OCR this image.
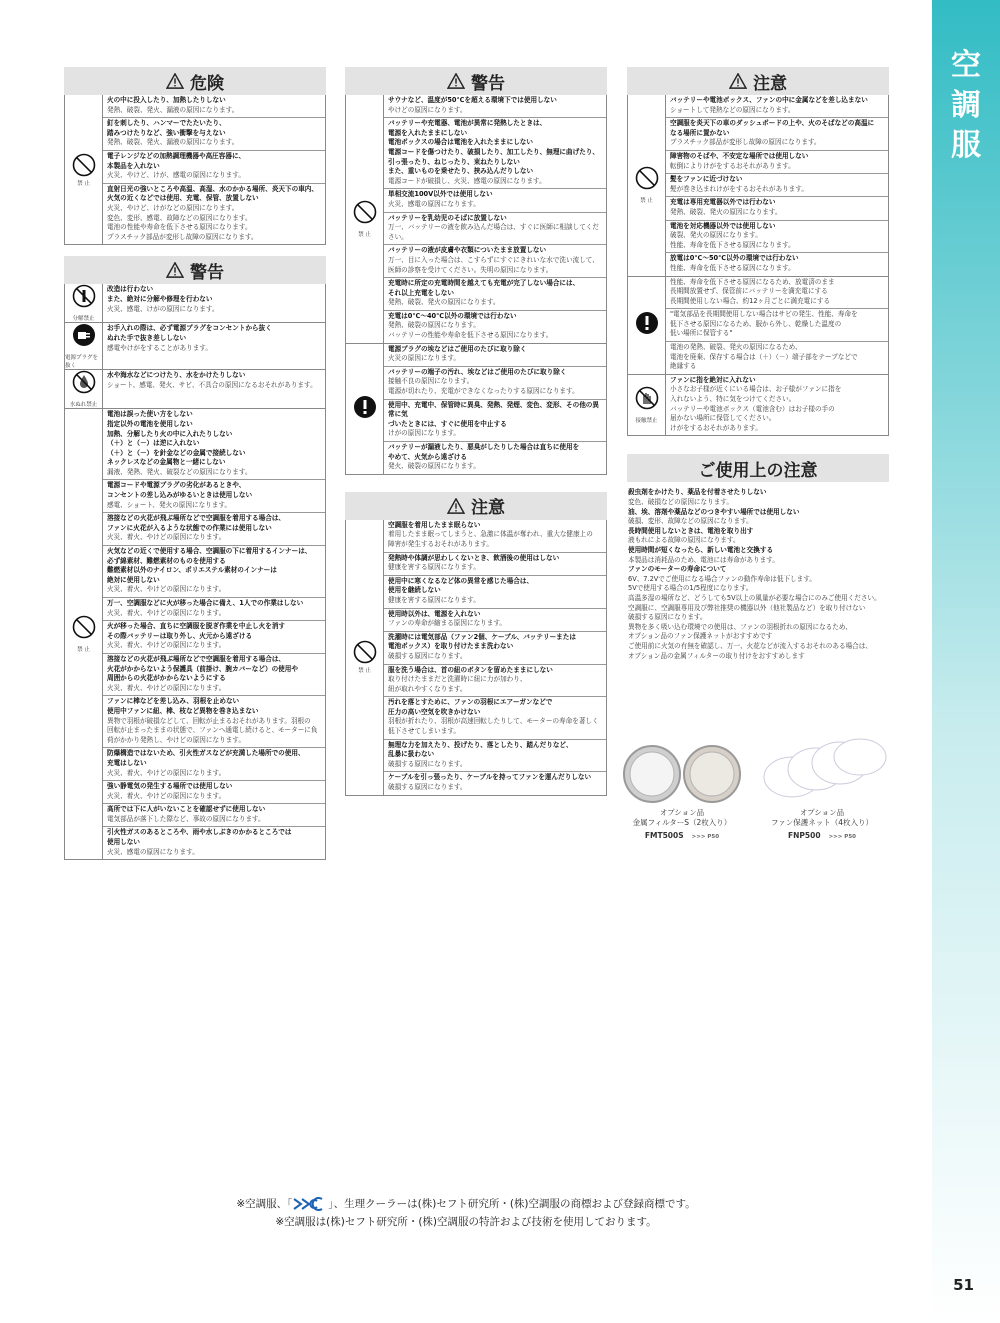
空調服
51
危険
禁 止
火の中に投入したり、加熱したりしない
発熱、破裂、発火、漏液の原因になります。
釘を刺したり、ハンマーでたたいたり、
踏みつけたりなど、強い衝撃を与えない
発熱、破裂、発火、漏液の原因になります。
電子レンジなどの加熱調理機器や高圧容器に、
本製品を入れない
火災、やけど、けが、感電の原因になります。
直射日光の強いところや高温、高湿、水のかかる場所、炎天下の車内、
火気の近くなどでは使用、充電、保管、放置しない
火災、やけど、けがなどの原因になります。
変色、変形、感電、故障などの原因になります。
電池の性能や寿命を低下させる原因になります。
プラスチック部品が変形し故障の原因になります。
警告
分解禁止
改造は行わない
また、絶対に分解や修理を行わない
火災、感電、けがの原因になります。
電源プラグを抜く
お手入れの際は、必ず電源プラグをコンセントから抜く
ぬれた手で抜き差ししない
感電やけがをすることがあります。
水ぬれ禁止
水や海水などにつけたり、水をかけたりしない
ショート、感電、発火、サビ、不具合の原因になるおそれがあります。
禁 止
電池は誤った使い方をしない
指定以外の電池を使用しない
加熱、分解したり火の中に入れたりしない
（＋）と（－）は逆に入れない
（＋）と（－）を針金などの金属で接続しない
ネックレスなどの金属物と一緒にしない
漏液、発熱、発火、破裂などの原因になります。
電源コードや電源プラグの劣化があるときや、
コンセントの差し込みがゆるいときは使用しない
感電、ショート、発火の原因になります。
溶接などの火花が飛ぶ場所などで空調服を着用する場合は、
ファンに火花が入るような状態での作業には使用しない
火災、着火、やけどの原因になります。
火気などの近くで使用する場合、空調服の下に着用するインナーは、
必ず綿素材、難燃素材のものを使用する
難燃素材以外のナイロン、ポリエステル素材のインナーは
絶対に使用しない
火災、着火、やけどの原因になります。
万一、空調服などに火が移った場合に備え、1人での作業はしない
火災、着火、やけどの原因になります。
火が移った場合、直ちに空調服を脱ぎ作業を中止し火を消す
その際バッテリーは取り外し、火元から遠ざける
火災、着火、やけどの原因になります。
溶接などの火花が飛ぶ場所などで空調服を着用する場合は、
火花がかからないよう保護具（前掛け、腕カバーなど）の使用や
周囲からの火花がかからないようにする
火災、着火、やけどの原因になります。
ファンに棒などを差し込み、羽根を止めない
使用中ファンに紐、棒、枝など異物を巻き込まない
異物で羽根が破損などして、回転が止まるおそれがあります。羽根の
回転が止まったままの状態で、ファンへ通電し続けると、モーターに負
荷がかかり発熱し、やけどの原因になります。
防爆構造ではないため、引火性ガスなどが充満した場所での使用、
充電はしない
火災、着火、やけどの原因になります。
強い静電気の発生する場所では使用しない
火災、着火、やけどの原因になります。
高所では下に人がいないことを確認せずに使用しない
電気部品が落下した際など、事故の原因になります。
引火性ガスのあるところや、雨や水しぶきのかかるところでは
使用しない
火災、感電の原因になります。
警告
禁 止
サウナなど、温度が50℃を超える環境下では使用しない
やけどの原因になります。
バッテリーや充電器、電池が異常に発熱したときは、
電源を入れたままにしない
電池ボックスの場合は電池を入れたままにしない
電源コードを傷つけたり、破損したり、加工したり、無理に曲げたり、
引っ張ったり、ねじったり、束ねたりしない
また、重いものを乗せたり、挟み込んだりしない
電源コードが破損し、火災、感電の原因になります。
単相交流100V以外では使用しない
火災、感電の原因になります。
バッテリーを乳幼児のそばに放置しない
万一、バッテリーの液を飲み込んだ場合は、すぐに医師に相談してください。
バッテリーの液が皮膚や衣類についたまま放置しない
万一、目に入った場合は、こすらずにすぐにきれいな水で洗い流して、
医師の診察を受けてください。失明の原因になります。
充電時に所定の充電時間を越えても充電が完了しない場合には、
それ以上充電をしない
発熱、破裂、発火の原因になります。
充電は0℃～40℃以外の環境では行わない
発熱、破裂の原因になります。
バッテリーの性能や寿命を低下させる原因になります。
電源プラグの埃などはご使用のたびに取り除く
火災の原因になります。
バッテリーの端子の汚れ、埃などはご使用のたびに取り除く
接触不良の原因になります。
電源が切れたり、充電ができなくなったりする原因になります。
使用中、充電中、保管時に異臭、発熱、発煙、変色、変形、その他の異常に気
づいたときには、すぐに使用を中止する
けがの原因になります。
バッテリーが漏液したり、悪臭がしたりした場合は直ちに使用を
やめて、火気から遠ざける
発火、破裂の原因になります。
注意
禁 止
空調服を着用したまま眠らない
着用したまま眠ってしまうと、急激に体温が奪われ、重大な健康上の
障害が発生するおそれがあります。
発熱時や体調が思わしくないとき、飲酒後の使用はしない
健康を害する原因になります。
使用中に寒くなるなど体の異常を感じた場合は、
使用を継続しない
健康を害する原因になります。
使用時以外は、電源を入れない
ファンの寿命が縮まる原因になります。
洗濯時には電気部品（ファン2個、ケーブル、バッテリーまたは
電池ボックス）を取り付けたまま洗わない
破損する原因になります。
服を洗う場合は、首の紐のボタンを留めたままにしない
取り付けたままだと洗濯時に紐に力が加わり、
紐が取れやすくなります。
汚れを落とすために、ファンの羽根にエアーガンなどで
圧力の高い空気を吹きかけない
羽根が折れたり、羽根が高速回転したりして、モーターの寿命を著しく
低下させてしまいます。
無理な力を加えたり、投げたり、落としたり、踏んだりなど、
乱暴に扱わない
破損する原因になります。
ケーブルを引っ張ったり、ケーブルを持ってファンを運んだりしない
破損する原因になります。
注意
禁 止
バッテリーや電池ボックス、ファンの中に金属などを差し込まない
ショートして発熱などの原因になります。
空調服を炎天下の車のダッシュボードの上や、火のそばなどの高温に
なる場所に置かない
プラスチック部品が変形し故障の原因になります。
障害物のそばや、不安定な場所では使用しない
転倒によりけがをするおそれがあります。
髪をファンに近づけない
髪が巻き込まれけがをするおそれがあります。
充電は専用充電器以外では行わない
発熱、破裂、発火の原因になります。
電池を対応機器以外では使用しない
破裂、発火の原因になります。
性能、寿命を低下させる原因になります。
放電は0℃～50℃以外の環境では行わない
性能、寿命を低下させる原因になります。
性能、寿命を低下させる原因になるため、放電済のまま
長期間放置せず、保管前にバッテリーを満充電にする
長期間使用しない場合、約12ヶ月ごとに満充電にする
"電気部品を長期間使用しない場合はサビの発生、性能、寿命を
低下させる原因になるため、服から外し、乾燥した温度の
低い場所に保管する"
電池の発熱、破裂、発火の原因になるため、
電池を廃棄、保存する場合は（＋）（－）端子部をテープなどで
絶縁する
接触禁止
ファンに指を絶対に入れない
小さなお子様が近くにいる場合は、お子様がファンに指を
入れないよう、特に気をつけてください。
バッテリーや電池ボックス（電池含む）はお子様の手の
届かない場所に保管してください。
けがをするおそれがあります。
ご使用上の注意
殺虫剤をかけたり、薬品を付着させたりしない
変色、破損などの原因になります。
油、埃、溶剤や薬品などのつきやすい場所では使用しない
破損、変形、故障などの原因になります。
長時間使用しないときは、電池を取り出す
液もれによる故障の原因になります。
使用時間が短くなったら、新しい電池と交換する
本製品は消耗品のため、電池には寿命があります。
ファンのモーターの寿命について
6V、7.2Vでご使用になる場合ファンの動作寿命は低下します。
5Vで使用する場合の1/5程度になります。
高温多湿の場所など、どうしても5V以上の風量が必要な場合にのみご使用ください。
空調服に、空調服専用及び弊社推奨の機器以外（他社製品など）を取り付けない
破損する原因になります。
異物を多く吸い込む環境での使用は、ファンの羽根折れの原因になるため、
オプション品のファン保護ネットがおすすめです
ご使用前に火気の有無を確認し、万一、火花などが流入するおそれのある場合は、
オプション品の金属フィルターの取り付けをおすすめします
オプション品
金属フィルターS（2枚入り）
FMT500S >>> P50
オプション品
ファン保護ネット（4枚入り）
FNP500 >>> P50
※空調服、「	」、生理クーラーは(株)セフト研究所・(株)空調服の商標および登録商標です。
※空調服は(株)セフト研究所・(株)空調服の特許および技術を使用しております。
